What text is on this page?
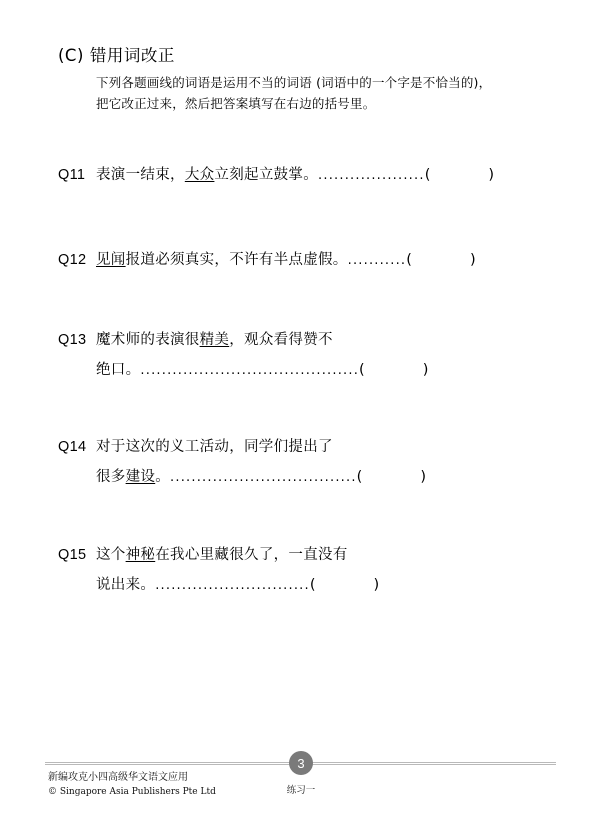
(C) 错用词改正
下列各题画线的词语是运用不当的词语 (词语中的一个字是不恰当的)，
把它改正过来，然后把答案填写在右边的括号里。
Q11 表演一结束，大众立刻起立鼓掌。....................(	)
Q12 见闻报道必须真实，不许有半点虚假。...........(	)
Q13 魔术师的表演很精美，观众看得赞不
绝口。.........................................(	)
Q14 对于这次的义工活动，同学们提出了
很多建设。...................................(	)
Q15 这个神秘在我心里藏很久了，一直没有
说出来。.............................(	)
3
练习一
新编攻克小四高级华文语文应用
© Singapore Asia Publishers Pte Ltd
